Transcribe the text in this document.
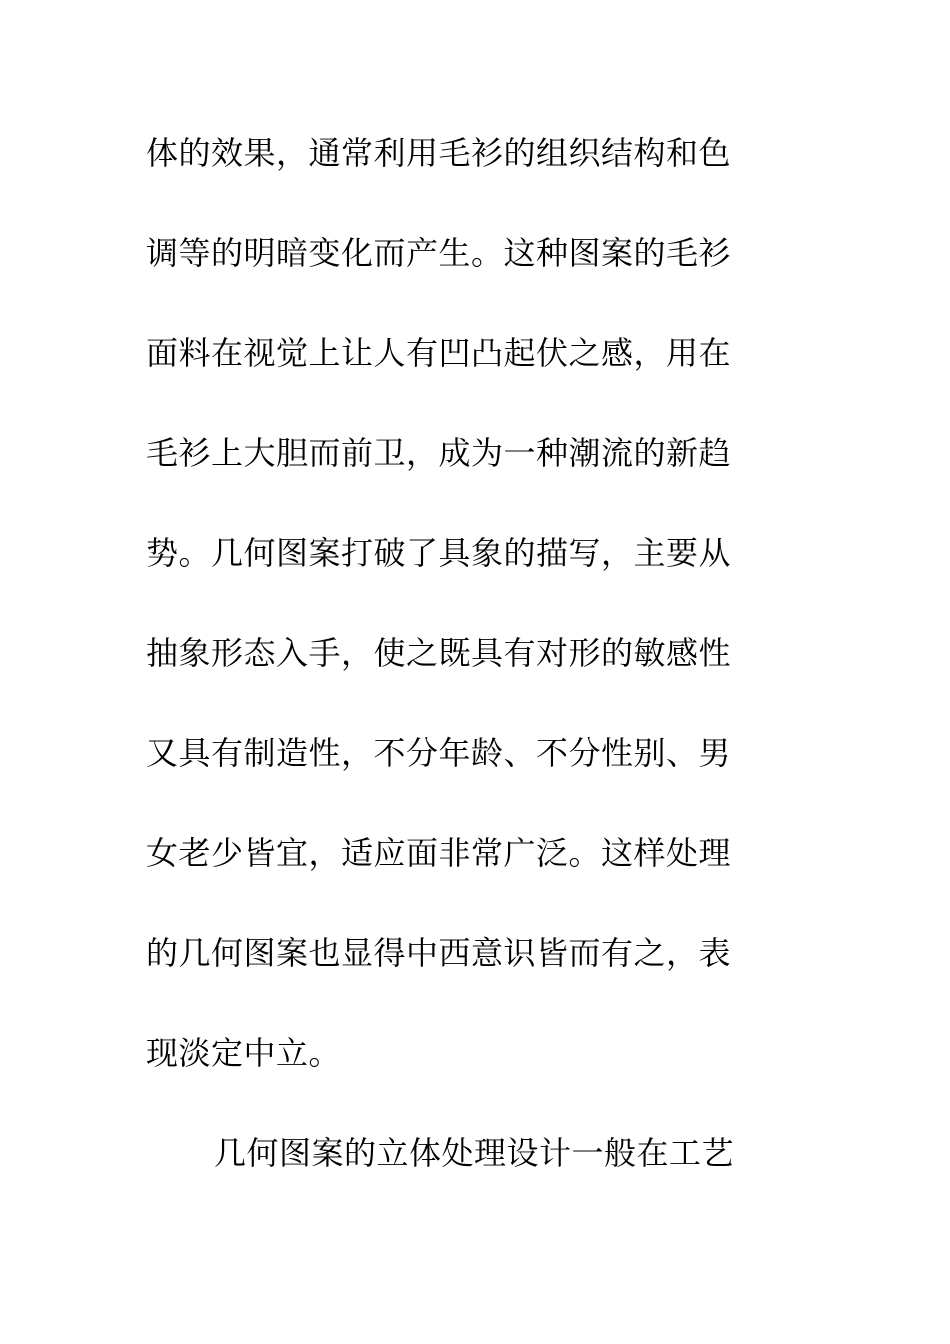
体的效果，通常利用毛衫的组织结构和色
调等的明暗变化而产生。这种图案的毛衫
面料在视觉上让人有凹凸起伏之感，用在
毛衫上大胆而前卫，成为一种潮流的新趋
势。几何图案打破了具象的描写，主要从
抽象形态入手，使之既具有对形的敏感性
又具有制造性，不分年龄、不分性别、男
女老少皆宜，适应面非常广泛。这样处理
的几何图案也显得中西意识皆而有之，表
现淡定中立。
几何图案的立体处理设计一般在工艺
